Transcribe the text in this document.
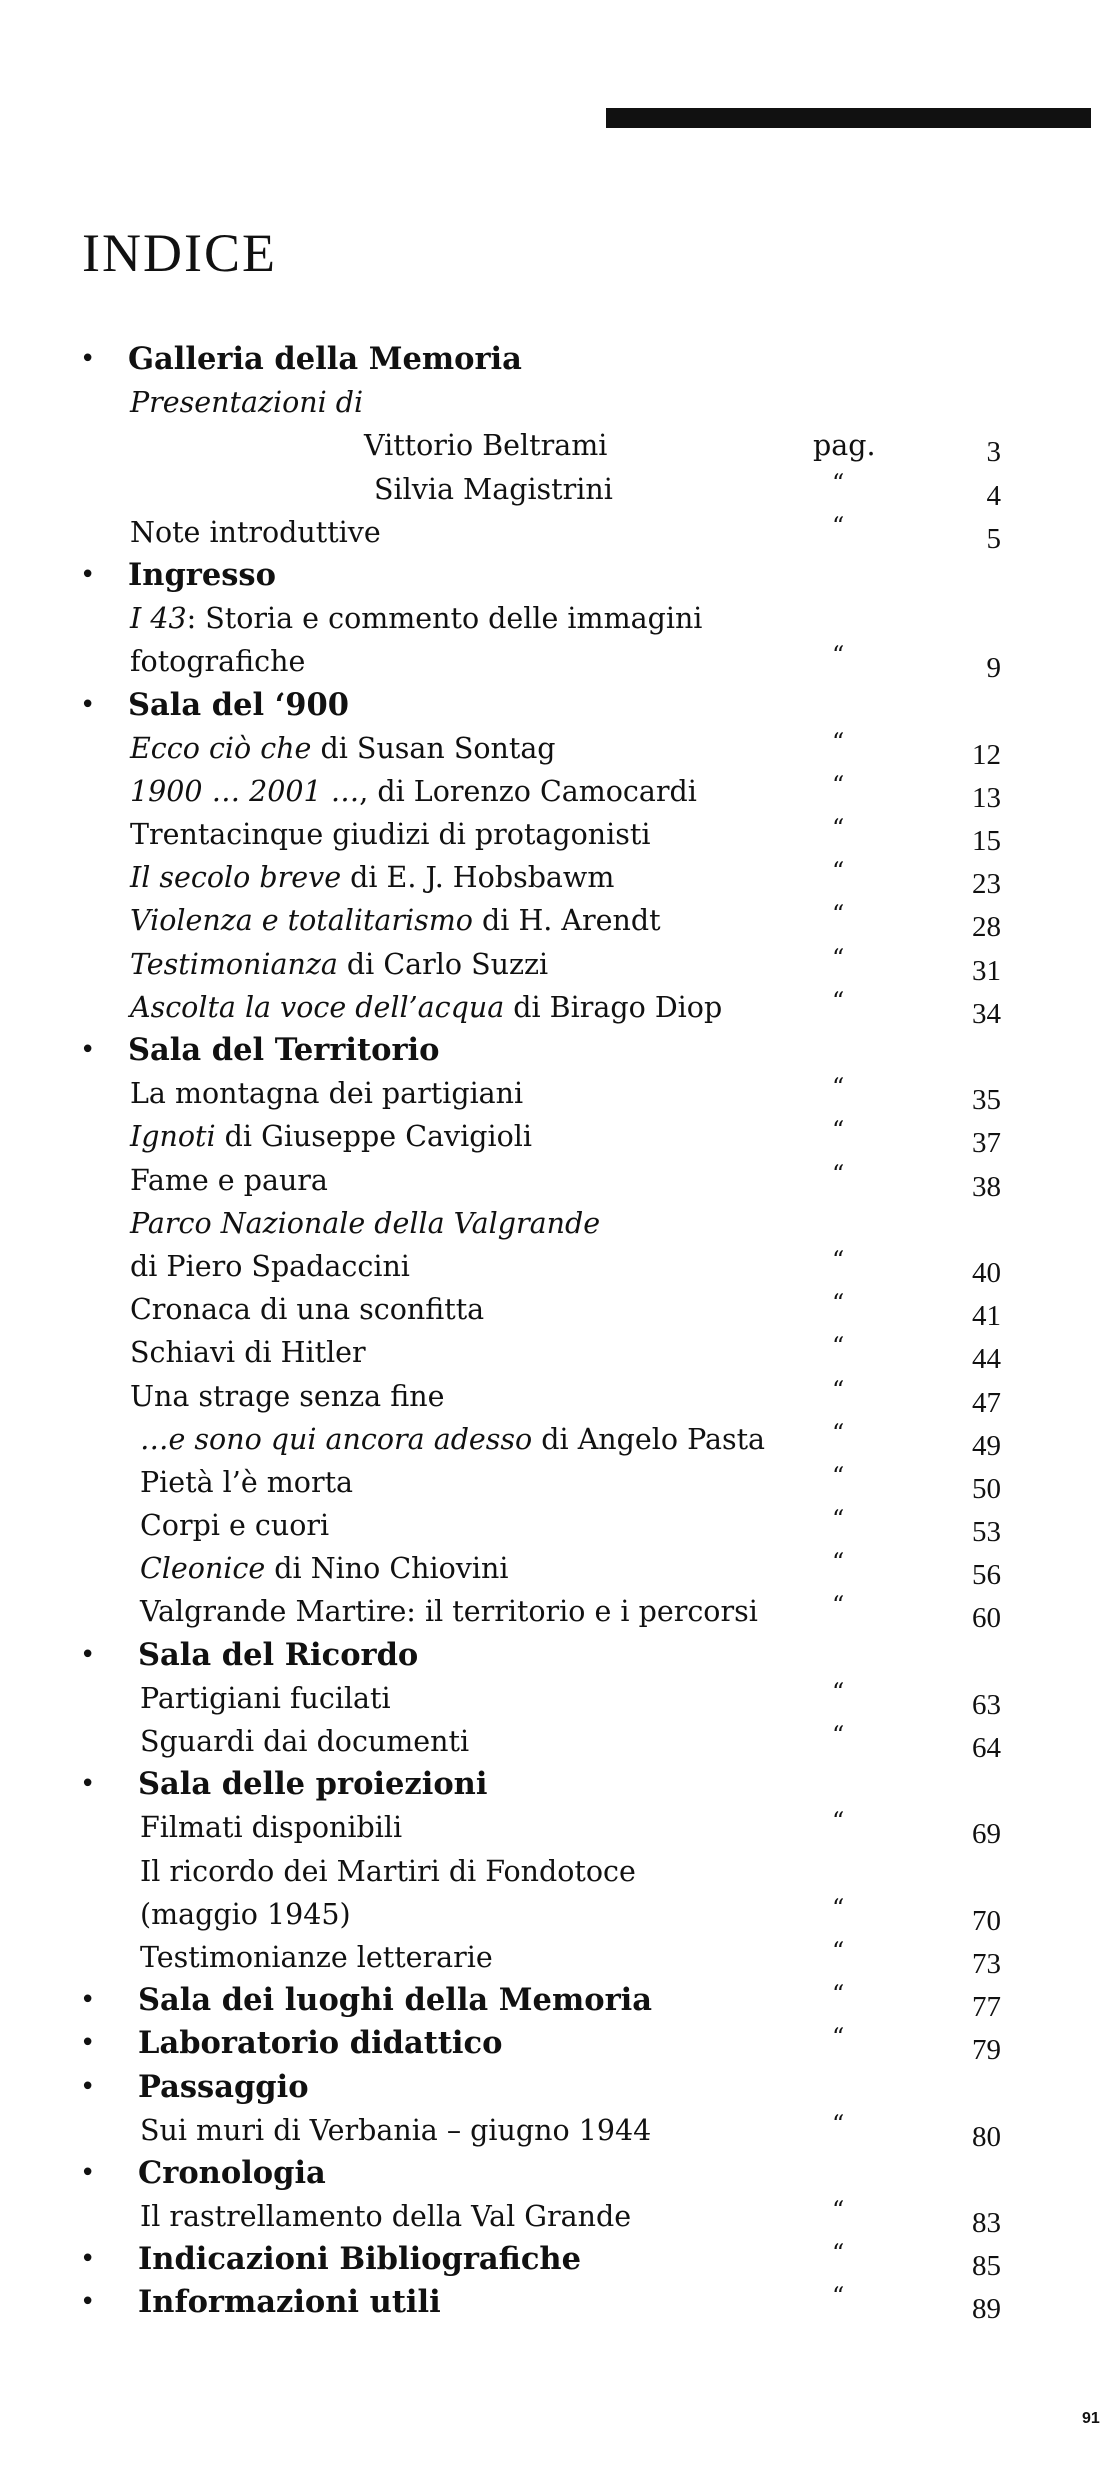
INDICE
• Galleria della Memoria
Presentazioni di
Vittorio Beltrami	pag.	3
Silvia Magistrini	“	4
Note introduttive	“	5
• Ingresso
I 43: Storia e commento delle immagini
fotografiche	“	9
• Sala del ‘900
Ecco ciò che di Susan Sontag	“	12
1900 … 2001 …, di Lorenzo Camocardi	“	13
Trentacinque giudizi di protagonisti	“	15
Il secolo breve di E. J. Hobsbawm	“	23
Violenza e totalitarismo di H. Arendt	“	28
Testimonianza di Carlo Suzzi	“	31
Ascolta la voce dell’acqua di Birago Diop	“	34
• Sala del Territorio
La montagna dei partigiani	“	35
Ignoti di Giuseppe Cavigioli	“	37
Fame e paura	“	38
Parco Nazionale della Valgrande
di Piero Spadaccini	“	40
Cronaca di una sconfitta	“	41
Schiavi di Hitler	“	44
Una strage senza fine	“	47
…e sono qui ancora adesso di Angelo Pasta	“	49
Pietà l’è morta	“	50
Corpi e cuori	“	53
Cleonice di Nino Chiovini	“	56
Valgrande Martire: il territorio e i percorsi	“	60
• Sala del Ricordo
Partigiani fucilati	“	63
Sguardi dai documenti	“	64
• Sala delle proiezioni
Filmati disponibili	“	69
Il ricordo dei Martiri di Fondotoce
(maggio 1945)	“	70
Testimonianze letterarie	“	73
• Sala dei luoghi della Memoria	“	77
• Laboratorio didattico	“	79
• Passaggio
Sui muri di Verbania – giugno 1944	“	80
• Cronologia
Il rastrellamento della Val Grande	“	83
• Indicazioni Bibliografiche	“	85
• Informazioni utili	“	89
91
